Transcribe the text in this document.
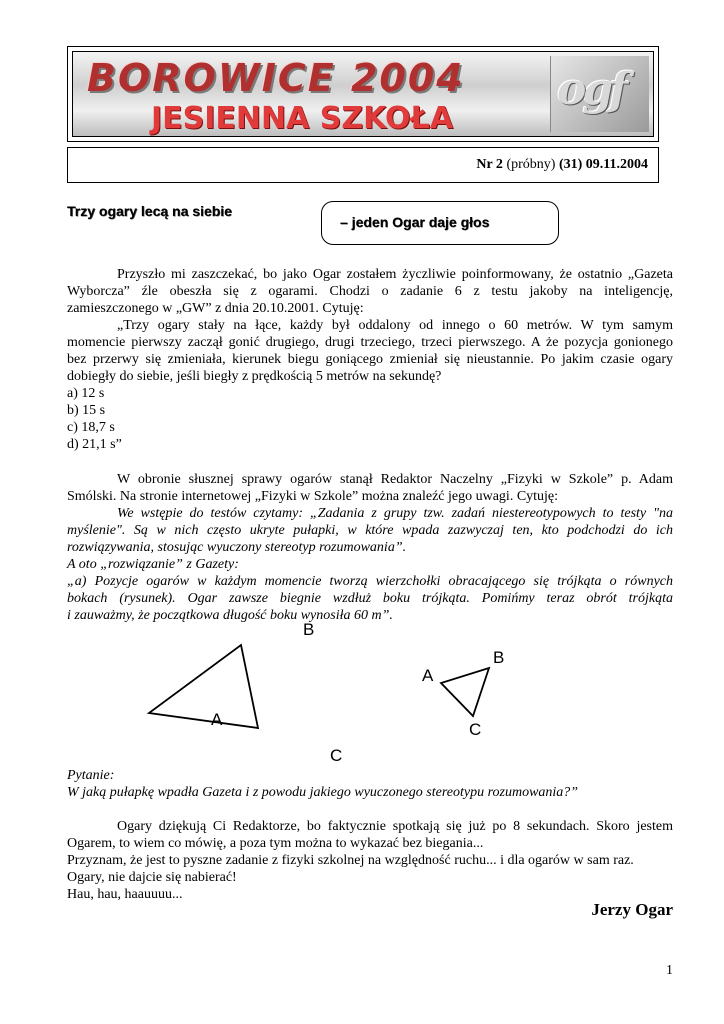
BOROWICE 2004
JESIENNA SZKOŁA
ogf
Nr 2 (próbny) (31) 09.11.2004
Trzy ogary lecą na siebie
– jeden Ogar daje głos

Przyszło mi zaszczekać, bo jako Ogar zostałem życzliwie poinformowany, że ostatnio „Gazeta

Wyborcza” źle obeszła się z ogarami. Chodzi o zadanie 6 z testu jakoby na inteligencję,

zamieszczonego w „GW” z dnia 20.10.2001. Cytuję:

„Trzy ogary stały na łące, każdy był oddalony od innego o 60 metrów. W tym samym

momencie pierwszy zaczął gonić drugiego, drugi trzeciego, trzeci pierwszego. A że pozycja gonionego

bez przerwy się zmieniała, kierunek biegu goniącego zmieniał się nieustannie. Po jakim czasie ogary

dobiegły do siebie, jeśli biegły z prędkością 5 metrów na sekundę?

a) 12 s

b) 15 s

c) 18,7 s

d) 21,1 s”

W obronie słusznej sprawy ogarów stanął Redaktor Naczelny „Fizyki w Szkole” p. Adam

Smólski. Na stronie internetowej „Fizyki w Szkole” można znaleźć jego uwagi. Cytuję:

We wstępie do testów czytamy: „Zadania z grupy tzw. zadań niestereotypowych to testy "na

myślenie". Są w nich często ukryte pułapki, w które wpada zazwyczaj ten, kto podchodzi do ich

rozwiązywania, stosując wyuczony stereotyp rozumowania”.

A oto „rozwiązanie” z Gazety:

„a) Pozycje ogarów w każdym momencie tworzą wierzchołki obracającego się trójkąta o równych

bokach (rysunek). Ogar zawsze biegnie wzdłuż boku trójkąta. Pomińmy teraz obrót trójkąta

i zauważmy, że początkowa długość boku wynosiła 60 m”.

B
A
C
B
A
C

Pytanie:

W jaką pułapkę wpadła Gazeta i z powodu jakiego wyuczonego stereotypu rozumowania?”

Ogary dziękują Ci Redaktorze, bo faktycznie spotkają się już po 8 sekundach. Skoro jestem

Ogarem, to wiem co mówię, a poza tym można to wykazać bez biegania...

Przyznam, że jest to pyszne zadanie z fizyki szkolnej na względność ruchu... i dla ogarów w sam raz.

Ogary, nie dajcie się nabierać!

Hau, hau, haauuuu...

Jerzy Ogar
1
